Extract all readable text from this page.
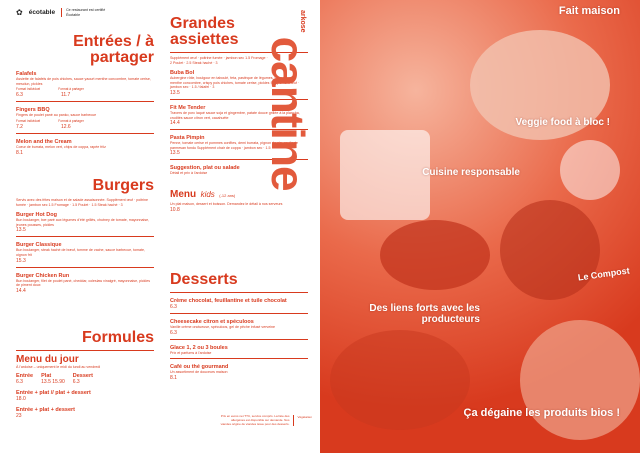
✿ écotable	Ce restaurant est certifié Écotable
Entrées / à partager
Falafels
Assiette de falafels de pois chiches, sauce yaourt menthe concombre, tomate cerise, mesclun, pickles
Format individuel	Format à partager
6.3	11.7
Fingers BBQ
Fingers de poulet pané au panko, sauce barbecue
Format individuel	Format à partager
7.2	12.6
Melon and the Cream
Coeur de burrata, melon vert, chips de coppa, rapée friiz
8.1
Burgers
Servis avec des frites maison et de salade assaisonnée. Supplément œuf · poitrine fumée · jambon sec 1.5 Fromage · 1.5 Poulet · 1.5 Steak haché · 3
Burger Hot Dog
Bun boulanger, bœ paré aux légumes d'été grillés, chutney de tomate, mayonnaise, jeunes pousses, pickles
13.5
Burger Classique
Bun boulanger, steak haché de bœuf, tomme de vache, sauce barbecue, tomate, oignon frit
15.3
Burger Chicken Run
Bun boulanger, filet de poulet pané, cheddar, coleslaw vinaigré, mayonnaise, pickles de piment doux
14.4
Formules
Menu du jour
À l'ardoise – uniquement le midi du lundi au vendredi
Entrée
6.3
Plat
13.5 15.90
Dessert
6.3
Entrée + plat // plat + dessert
18.0
Entrée + plat + dessert
23
Grandes assiettes
Supplément œuf · poitrine fumée · jambon sec 1.5 Fromage · 2 Poulet · 2.5 Steak haché · 3
Buba Bol
Aubergine rôtie, boulgour en taboulé, feta, pastèque de légumes, sauce yaourt menthe concombre, crispy pois chiches, tomate cerise, pickles Supplément œuf · jambon sec · 1.5 / falafel · 3
13.5
Fit Me Tender
Travers de porc laqué sauce soja et gingembre, patate douce grillée à la plancha, crudités sauce citron vert, cacahuète
14.4
Pasta Pimpin
Penne, tomate cerise et pommes confites, demi burrata, pignon de pin, coulis de parmesan fondu Supplément chair de coppa · jambon sec · 1.5
13.5
Suggestion, plat ou salade
Détail et prix à l'ardoise
Menu kids (-12 ans)
Un plat maison, dessert et boisson. Demandez le détail à nos serveurs
10.8
Desserts
Crème chocolat, feuillantine et tuile chocolat
6.3
Cheesecake citron et spéculoos
Vanille crème onctueuse, spéculoos, gel de pêche infusé verveine
6.3
Glace 1, 2 ou 3 boules
Prix et parfums à l'ardoise
Café ou thé gourmand
Un assortiment de douceurs maison
8.1
Prix en euros net TTC, service compris. La liste des allergènes est disponible sur demande. Nos viandes origine de viandes issue pour des desserts.
Végétarien
arkose
cantine
Fait maison
Veggie food à bloc !
Cuisine responsable
Le Compost
Des liens forts avec les producteurs
Ça dégaine les produits bios !
